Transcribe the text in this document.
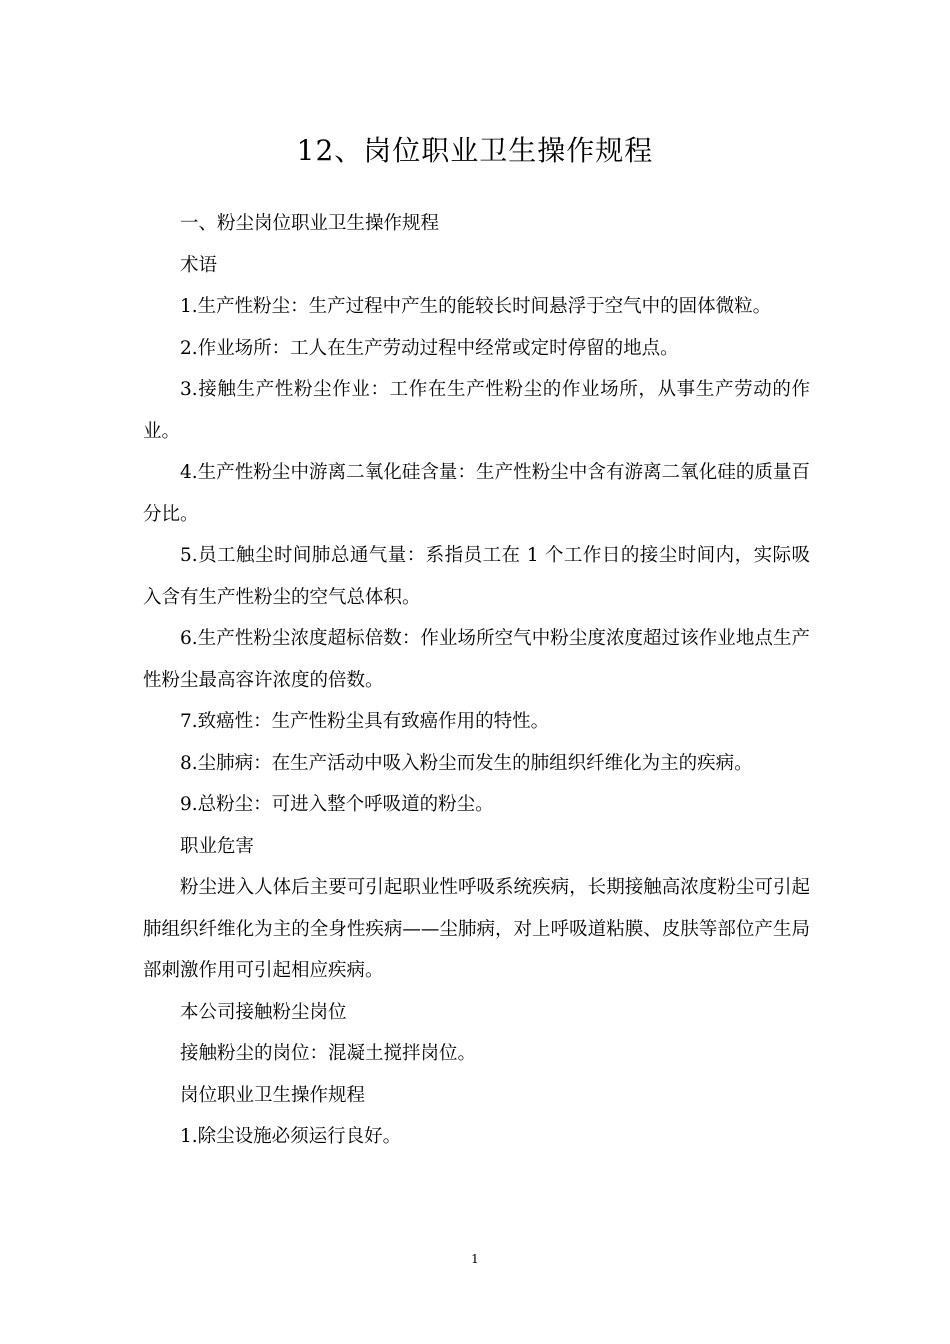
12、岗位职业卫生操作规程

一、粉尘岗位职业卫生操作规程

术语

1.生产性粉尘：生产过程中产生的能较长时间悬浮于空气中的固体微粒。

2.作业场所：工人在生产劳动过程中经常或定时停留的地点。

3.接触生产性粉尘作业：工作在生产性粉尘的作业场所，从事生产劳动的作业。

4.生产性粉尘中游离二氧化硅含量：生产性粉尘中含有游离二氧化硅的质量百分比。

5.员工触尘时间肺总通气量：系指员工在 1 个工作日的接尘时间内，实际吸入含有生产性粉尘的空气总体积。

6.生产性粉尘浓度超标倍数：作业场所空气中粉尘度浓度超过该作业地点生产性粉尘最高容许浓度的倍数。

7.致癌性：生产性粉尘具有致癌作用的特性。

8.尘肺病：在生产活动中吸入粉尘而发生的肺组织纤维化为主的疾病。

9.总粉尘：可进入整个呼吸道的粉尘。

职业危害

粉尘进入人体后主要可引起职业性呼吸系统疾病，长期接触高浓度粉尘可引起肺组织纤维化为主的全身性疾病——尘肺病，对上呼吸道粘膜、皮肤等部位产生局部刺激作用可引起相应疾病。

本公司接触粉尘岗位

接触粉尘的岗位：混凝土搅拌岗位。

岗位职业卫生操作规程

1.除尘设施必须运行良好。

1
